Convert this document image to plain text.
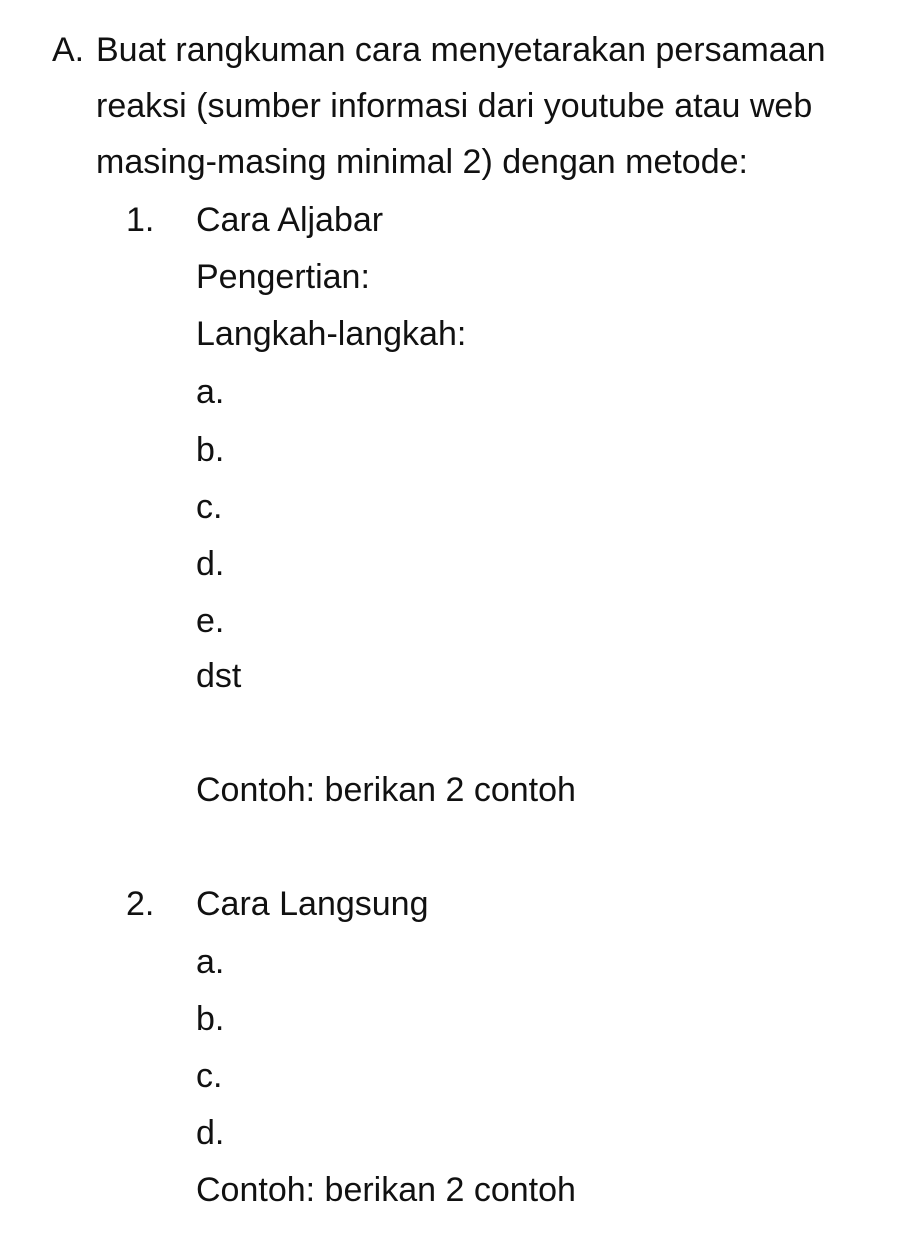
A. Buat rangkuman cara menyetarakan persamaan
reaksi (sumber informasi dari youtube atau web
masing-masing minimal 2) dengan metode:
1. Cara Aljabar
Pengertian:
Langkah-langkah:
a.
b.
c.
d.
e.
dst
Contoh: berikan 2 contoh
2. Cara Langsung
a.
b.
c.
d.
Contoh: berikan 2 contoh
